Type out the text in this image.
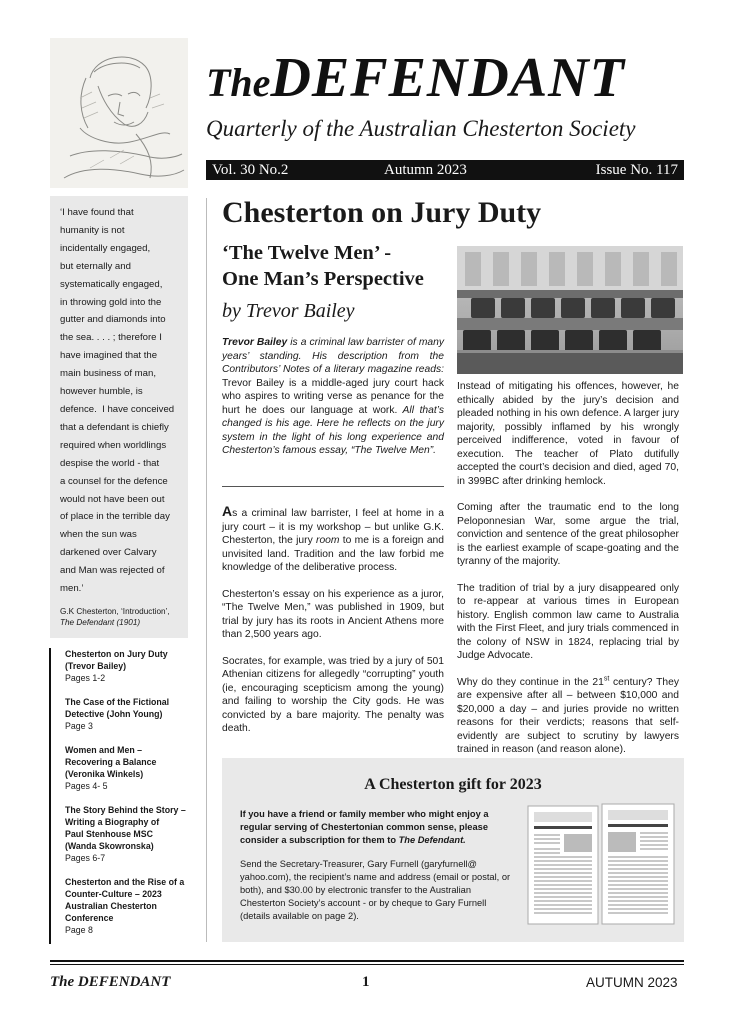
TheDEFENDANT
Quarterly of the Australian Chesterton Society
Vol. 30 No.2	Autumn 2023	Issue No. 117
‘I have found that
humanity is not
incidentally engaged,
but eternally and
systematically engaged,
in throwing gold into the
gutter and diamonds into
the sea. . . . ; therefore I
have imagined that the
main business of man,
however humble, is
defence.  I have conceived
that a defendant is chiefly
required when worldlings
despise the world - that
a counsel for the defence
would not have been out
of place in the terrible day
when the sun was
darkened over Calvary
and Man was rejected of
men.’
G.K Chesterton, ‘Introduction’,
The Defendant (1901)
Chesterton on Jury Duty
(Trevor Bailey)
Pages 1-2
The Case of the Fictional
Detective (John Young)
Page 3
Women and Men –
Recovering a Balance
(Veronika Winkels)
Pages 4- 5
The Story Behind the Story –
Writing a Biography of
Paul Stenhouse MSC
(Wanda Skowronska)
Pages 6-7
Chesterton and the Rise of a
Counter-Culture – 2023
Australian Chesterton
Conference
Page 8
Chesterton on Jury Duty
‘The Twelve Men’ -
One Man’s Perspective
by Trevor Bailey
Trevor Bailey is a criminal law barrister of many years’ standing. His description from the Contributors’ Notes of a literary magazine reads: Trevor Bailey is a middle-aged jury court hack who aspires to writing verse as penance for the hurt he does our language at work. All that’s changed is his age. Here he reflects on the jury system in the light of his long experience and Chesterton’s famous essay, “The Twelve Men”.

As a criminal law barrister, I feel at home in a jury court – it is my workshop – but unlike G.K. Chesterton, the jury room to me is a foreign and unvisited land. Tradition and the law forbid me knowledge of the deliberative process.

Chesterton’s essay on his experience as a juror, “The Twelve Men,” was published in 1909, but trial by jury has its roots in Ancient Athens more than 2,500 years ago.

Socrates, for example, was tried by a jury of 501 Athenian citizens for allegedly “corrupting” youth (ie, encouraging scepticism among the young) and failing to worship the City gods. He was convicted by a bare majority. The penalty was death.

Instead of mitigating his offences, however, he ethically abided by the jury’s decision and pleaded nothing in his own defence. A larger jury majority, possibly inflamed by his wrongly perceived indifference, voted in favour of execution. The teacher of Plato dutifully accepted the court’s decision and died, aged 70, in 399BC after drinking hemlock.

Coming after the traumatic end to the long Peloponnesian War, some argue the trial, conviction and sentence of the great philosopher is the earliest example of scape-goating and the tyranny of the majority.

The tradition of trial by a jury disappeared only to re-appear at various times in European history. English common law came to Australia with the First Fleet, and jury trials commenced in the colony of NSW in 1824, replacing trial by Judge Advocate.

Why do they continue in the 21st century? They are expensive after all – between $10,000 and $20,000 a day – and juries provide no written reasons for their verdicts; reasons that self-evidently are subject to scrutiny by lawyers trained in reason (and reason alone).

A Chesterton gift for 2023
If you have a friend or family member who might enjoy a regular serving of Chestertonian common sense, please consider a subscription for them to The Defendant.
Send the Secretary-Treasurer, Gary Furnell (garyfurnell@ yahoo.com), the recipient’s name and address (email or postal, or both), and $30.00 by electronic transfer to the Australian Chesterton Society’s account - or by cheque to Gary Furnell (details available on page 2).
The DEFENDANT	1	AUTUMN 2023
